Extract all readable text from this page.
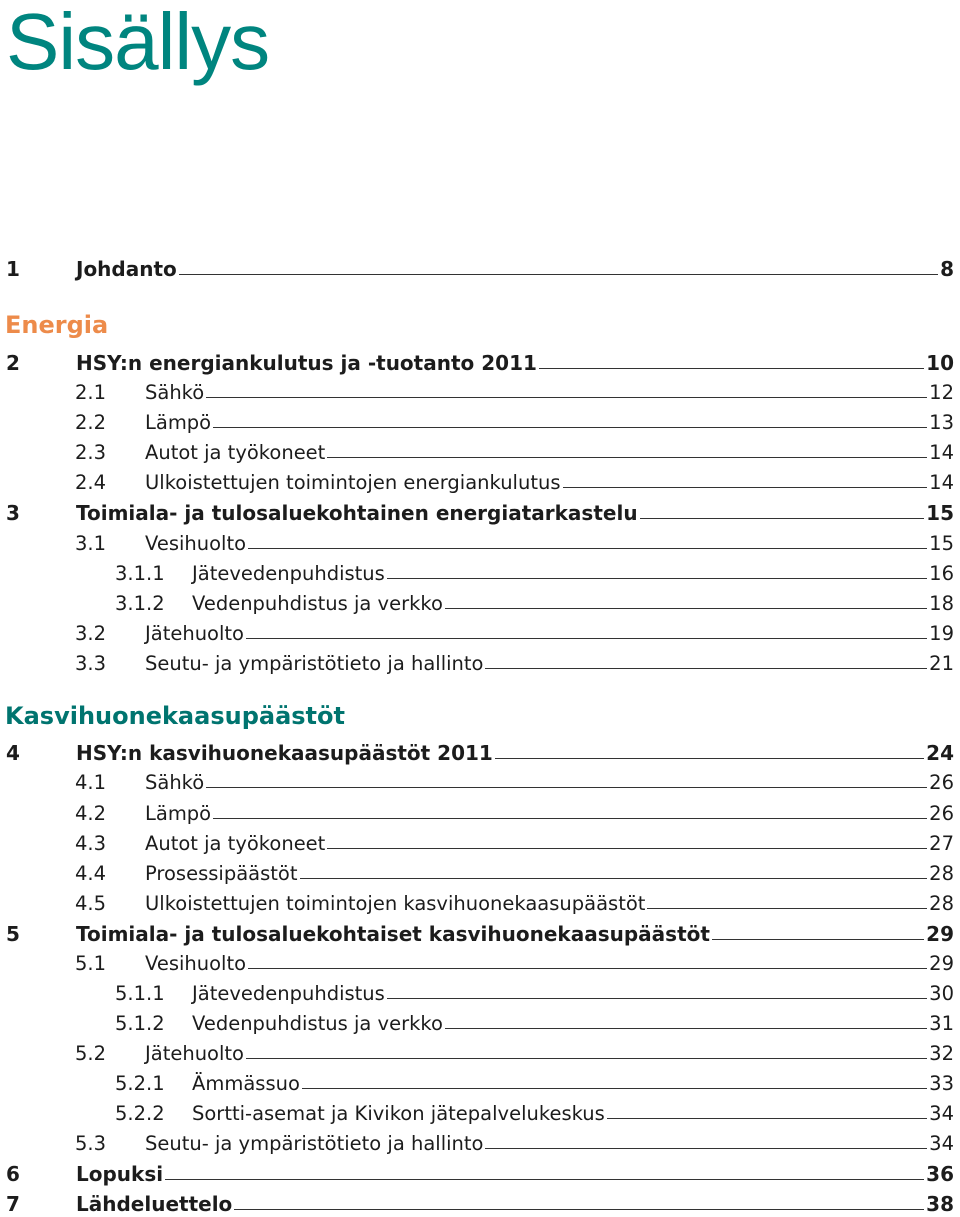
Sisällys
1	Johdanto	8
Energia
2	HSY:n energiankulutus ja -tuotanto 2011	10
2.1	Sähkö	12
2.2	Lämpö	13
2.3	Autot ja työkoneet	14
2.4	Ulkoistettujen toimintojen energiankulutus	14
3	Toimiala- ja tulosaluekohtainen energiatarkastelu	15
3.1	Vesihuolto	15
3.1.1	Jätevedenpuhdistus	16
3.1.2	Vedenpuhdistus ja verkko	18
3.2	Jätehuolto	19
3.3	Seutu- ja ympäristötieto ja hallinto	21
Kasvihuonekaasupäästöt
4	HSY:n kasvihuonekaasupäästöt 2011	24
4.1	Sähkö	26
4.2	Lämpö	26
4.3	Autot ja työkoneet	27
4.4	Prosessipäästöt	28
4.5	Ulkoistettujen toimintojen kasvihuonekaasupäästöt	28
5	Toimiala- ja tulosaluekohtaiset kasvihuonekaasupäästöt	29
5.1	Vesihuolto	29
5.1.1	Jätevedenpuhdistus	30
5.1.2	Vedenpuhdistus ja verkko	31
5.2	Jätehuolto	32
5.2.1	Ämmässuo	33
5.2.2	Sortti-asemat ja Kivikon jätepalvelukeskus	34
5.3	Seutu- ja ympäristötieto ja hallinto	34
6	Lopuksi	36
7	Lähdeluettelo	38
